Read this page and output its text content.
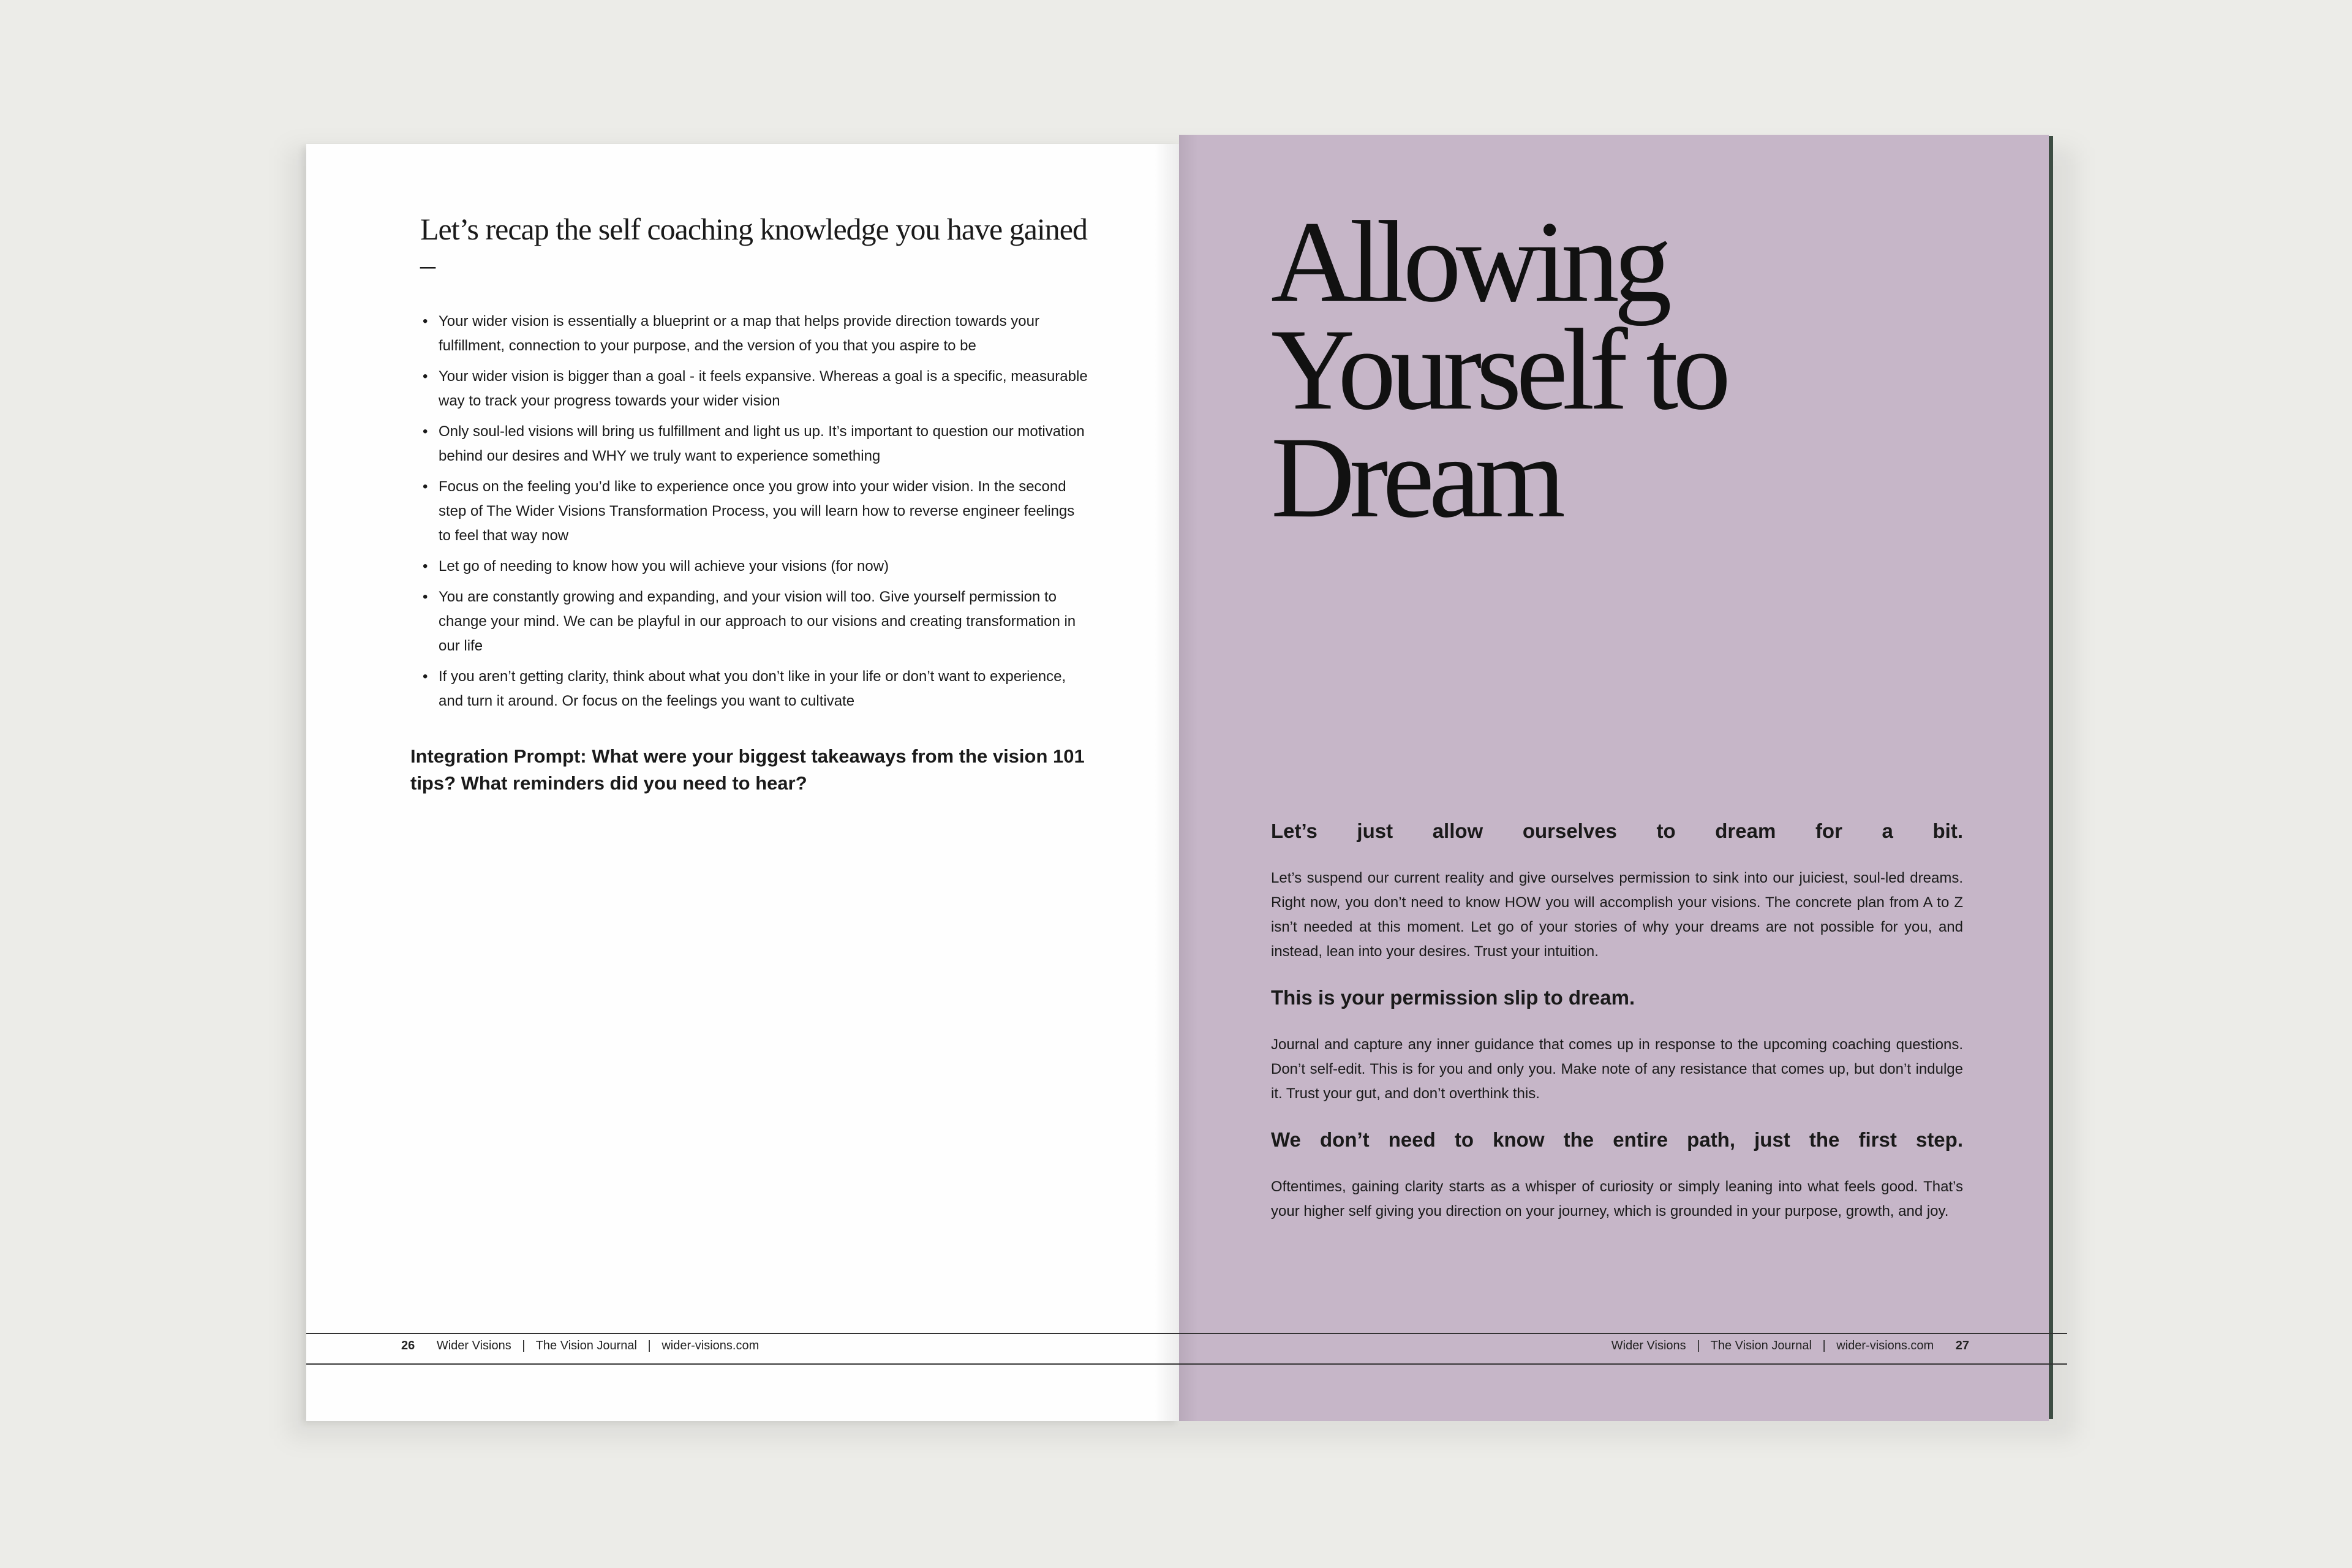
Let’s recap the self coaching knowledge you have gained –
• Your wider vision is essentially a blueprint or a map that helps provide direction towards your fulfillment, connection to your purpose, and the version of you that you aspire to be
• Your wider vision is bigger than a goal - it feels expansive. Whereas a goal is a specific, measurable way to track your progress towards your wider vision
• Only soul-led visions will bring us fulfillment and light us up. It’s important to question our motivation behind our desires and WHY we truly want to experience something
• Focus on the feeling you’d like to experience once you grow into your wider vision. In the second step of The Wider Visions Transformation Process, you will learn how to reverse engineer feelings to feel that way now
• Let go of needing to know how you will achieve your visions (for now)
• You are constantly growing and expanding, and your vision will too. Give yourself permission to change your mind. We can be playful in our approach to our visions and creating transformation in our life
• If you aren’t getting clarity, think about what you don’t like in your life or don’t want to experience, and turn it around. Or focus on the feelings you want to cultivate
Integration Prompt: What were your biggest takeaways from the vision 101 tips? What reminders did you need to hear?
Allowing
Yourself to
Dream
Let’s just allow ourselves to dream for a bit.
Let’s suspend our current reality and give ourselves permission to sink into our juiciest, soul-led dreams. Right now, you don’t need to know HOW you will accomplish your visions. The concrete plan from A to Z isn’t needed at this moment. Let go of your stories of why your dreams are not possible for you, and instead, lean into your desires. Trust your intuition.
This is your permission slip to dream.
Journal and capture any inner guidance that comes up in response to the upcoming coaching questions. Don’t self-edit. This is for you and only you. Make note of any resistance that comes up, but don’t indulge it. Trust your gut, and don’t overthink this.
We don’t need to know the entire path, just the first step.
Oftentimes, gaining clarity starts as a whisper of curiosity or simply leaning into what feels good. That’s your higher self giving you direction on your journey, which is grounded in your purpose, growth, and joy.
26 Wider Visions | The Vision Journal | wider-visions.com	Wider Visions | The Vision Journal | wider-visions.com 27
